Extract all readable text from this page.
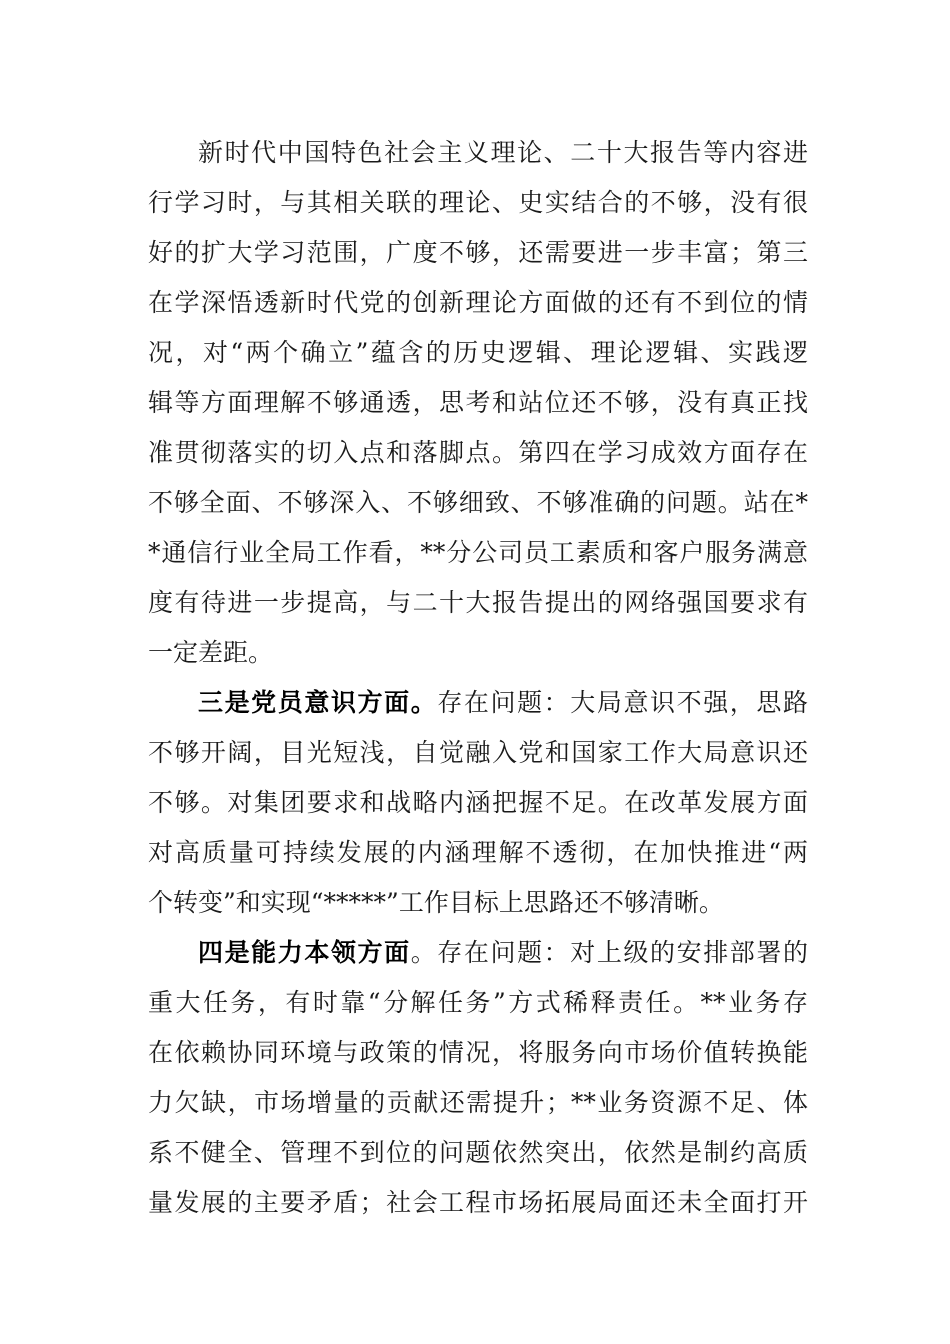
新时代中国特色社会主义理论、二十大报告等内容进
行学习时，与其相关联的理论、史实结合的不够，没有很
好的扩大学习范围，广度不够，还需要进一步丰富；第三
在学深悟透新时代党的创新理论方面做的还有不到位的情
况，对“两个确立”蕴含的历史逻辑、理论逻辑、实践逻
辑等方面理解不够通透，思考和站位还不够，没有真正找
准贯彻落实的切入点和落脚点。第四在学习成效方面存在
不够全面、不够深入、不够细致、不够准确的问题。站在*
*通信行业全局工作看，**分公司员工素质和客户服务满意
度有待进一步提高，与二十大报告提出的网络强国要求有
一定差距。
三是党员意识方面。存在问题：大局意识不强，思路
不够开阔，目光短浅，自觉融入党和国家工作大局意识还
不够。对集团要求和战略内涵把握不足。在改革发展方面
对高质量可持续发展的内涵理解不透彻，在加快推进“两
个转变”和实现“*****”工作目标上思路还不够清晰。
四是能力本领方面。存在问题：对上级的安排部署的
重大任务，有时靠“分解任务”方式稀释责任。**业务存
在依赖协同环境与政策的情况，将服务向市场价值转换能
力欠缺，市场增量的贡献还需提升；**业务资源不足、体
系不健全、管理不到位的问题依然突出，依然是制约高质
量发展的主要矛盾；社会工程市场拓展局面还未全面打开
